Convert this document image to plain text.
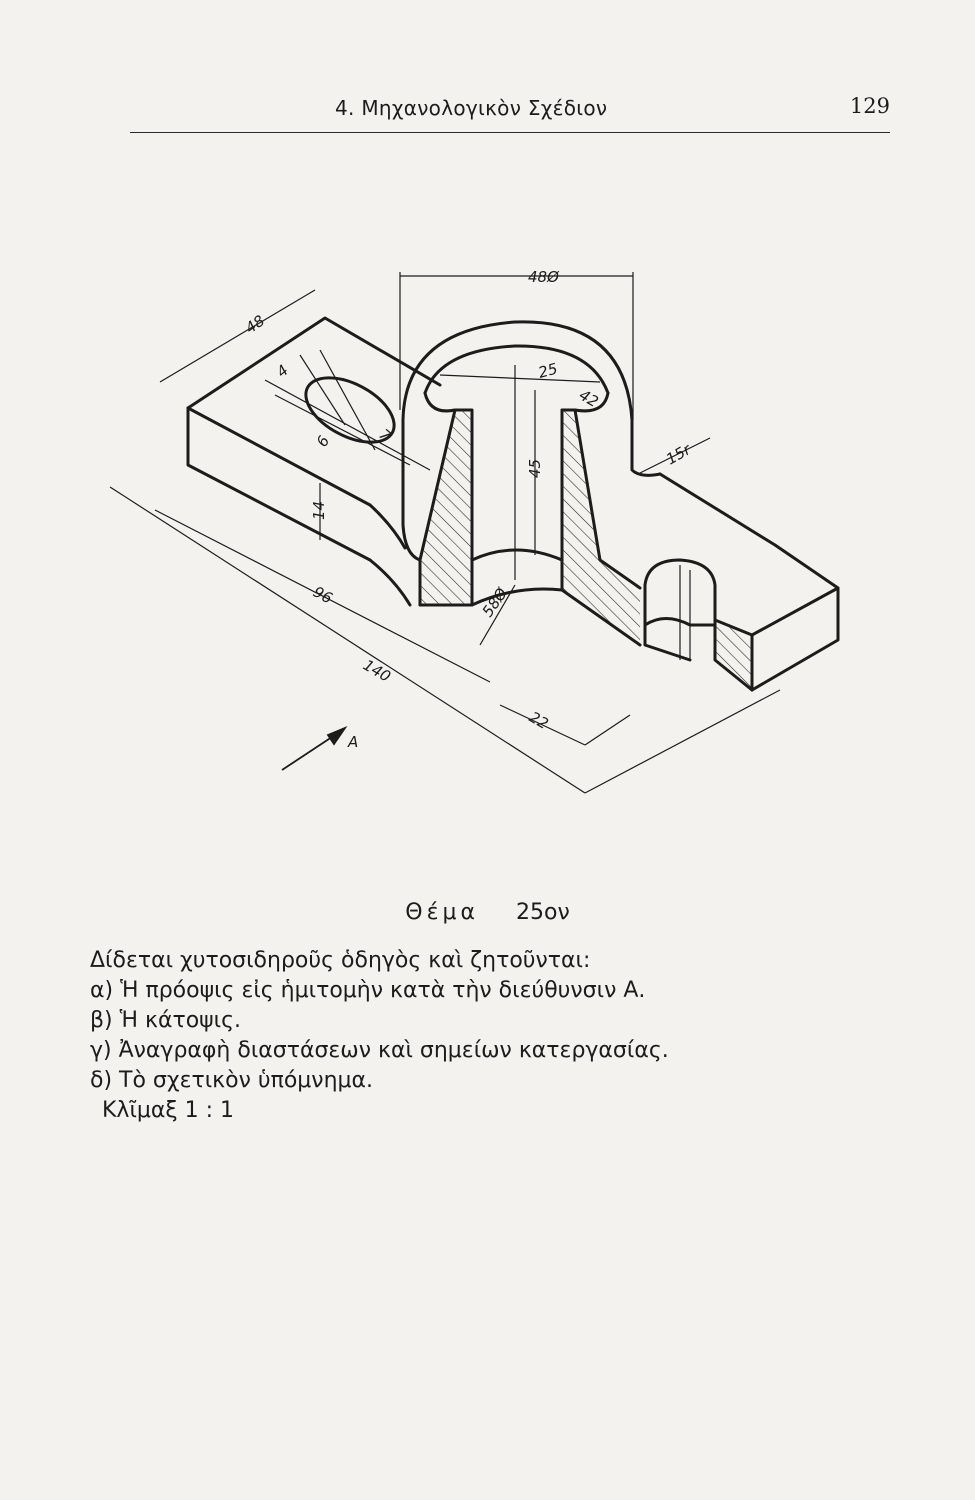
4. Μηχανολογικὸν Σχέδιον	129
48
48Ø
25
42
4
6	7
45
14
15r
96	58Ø
140
22
A
Θέμα 25ον
Δίδεται χυτοσιδηροῦς ὁδηγὸς καὶ ζητοῦνται:
α) Ἡ πρόοψις εἰς ἡμιτομὴν κατὰ τὴν διεύθυνσιν Α.
β) Ἡ κάτοψις.
γ) Ἀναγραφὴ διαστάσεων καὶ σημείων κατεργασίας.
δ) Τὸ σχετικὸν ὑπόμνημα.
Κλῖμαξ 1 : 1
